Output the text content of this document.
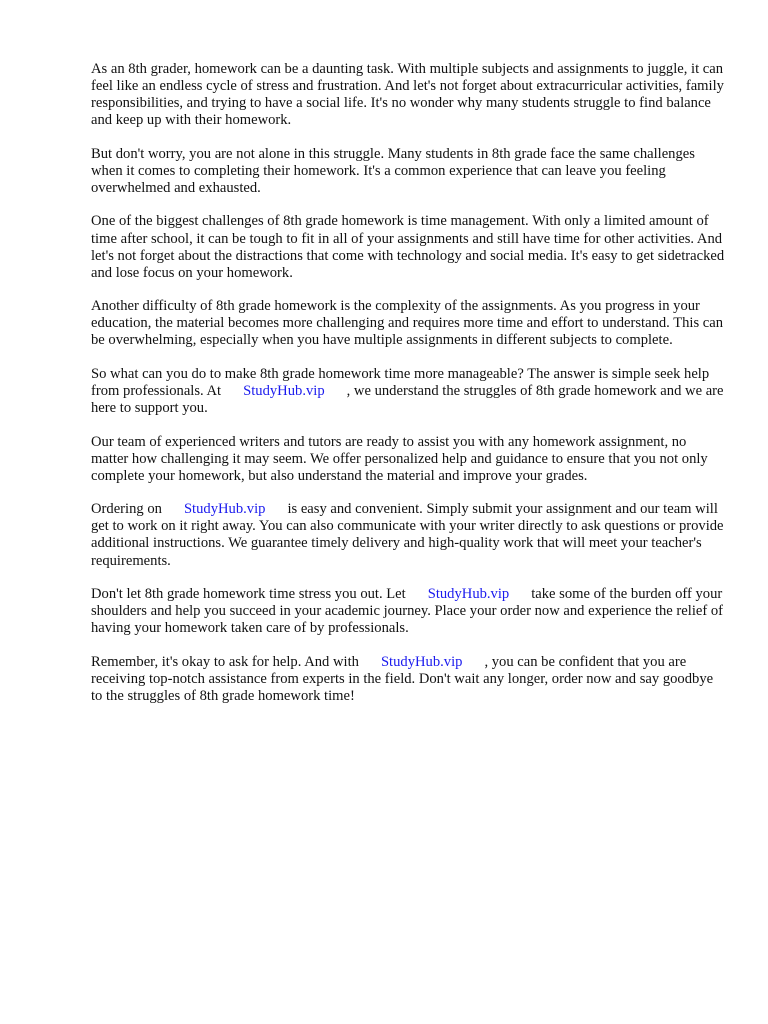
As an 8th grader, homework can be a daunting task. With multiple subjects and assignments to juggle, it can feel like an endless cycle of stress and frustration. And let's not forget about extracurricular activities, family responsibilities, and trying to have a social life. It's no wonder why many students struggle to find balance and keep up with their homework.

But don't worry, you are not alone in this struggle. Many students in 8th grade face the same challenges when it comes to completing their homework. It's a common experience that can leave you feeling overwhelmed and exhausted.

One of the biggest challenges of 8th grade homework is time management. With only a limited amount of time after school, it can be tough to fit in all of your assignments and still have time for other activities. And let's not forget about the distractions that come with technology and social media. It's easy to get sidetracked and lose focus on your homework.

Another difficulty of 8th grade homework is the complexity of the assignments. As you progress in your education, the material becomes more challenging and requires more time and effort to understand. This can be overwhelming, especially when you have multiple assignments in different subjects to complete.

So what can you do to make 8th grade homework time more manageable? The answer is simple seek help from professionals. At StudyHub.vip , we understand the struggles of 8th grade homework and we are here to support you.

Our team of experienced writers and tutors are ready to assist you with any homework assignment, no matter how challenging it may seem. We offer personalized help and guidance to ensure that you not only complete your homework, but also understand the material and improve your grades.

Ordering on StudyHub.vip is easy and convenient. Simply submit your assignment and our team will get to work on it right away. You can also communicate with your writer directly to ask questions or provide additional instructions. We guarantee timely delivery and high-quality work that will meet your teacher's requirements.

Don't let 8th grade homework time stress you out. Let StudyHub.vip take some of the burden off your shoulders and help you succeed in your academic journey. Place your order now and experience the relief of having your homework taken care of by professionals.

Remember, it's okay to ask for help. And with StudyHub.vip , you can be confident that you are receiving top-notch assistance from experts in the field. Don't wait any longer, order now and say goodbye to the struggles of 8th grade homework time!
